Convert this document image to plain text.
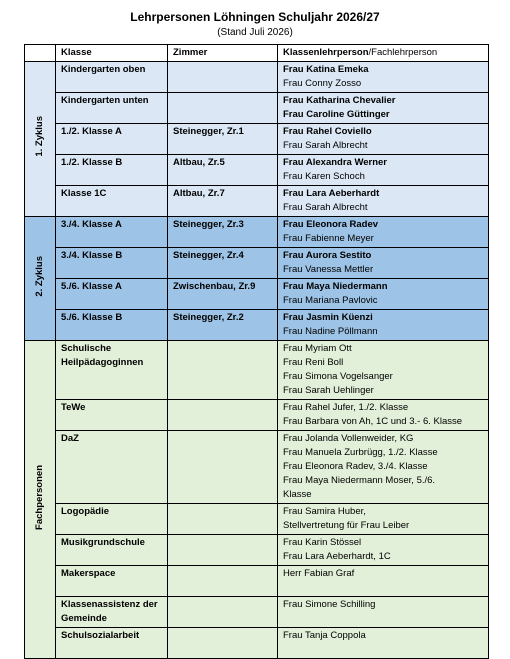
Lehrpersonen Löhningen Schuljahr 2026/27
(Stand Juli 2026)
	Klasse	Zimmer	Klassenlehrperson/Fachlehrperson
1. Zyklus	Kindergarten oben		Frau Katina Emeka
Frau Conny Zosso

	Kindergarten unten		Frau Katharina Chevalier
Frau Caroline Güttinger

	1./2. Klasse A	Steinegger, Zr.1	Frau Rahel Coviello
Frau Sarah Albrecht

	1./2. Klasse B	Altbau, Zr.5	Frau Alexandra Werner
Frau Karen Schoch

	Klasse 1C	Altbau, Zr.7	Frau Lara Aeberhardt
Frau Sarah Albrecht

2. Zyklus	3./4. Klasse A	Steinegger, Zr.3	Frau Eleonora Radev
Frau Fabienne Meyer

	3./4. Klasse B	Steinegger, Zr.4	Frau Aurora Sestito
Frau Vanessa Mettler

	5./6. Klasse A	Zwischenbau, Zr.9	Frau Maya Niedermann
Frau Mariana Pavlovic

	5./6. Klasse B	Steinegger, Zr.2	Frau Jasmin Küenzi
Frau Nadine Pöllmann

Fachpersonen	Schulische Heilpädagoginnen		Frau Myriam Ott
Frau Reni Boll
Frau Simona Vogelsanger
Frau Sarah Uehlinger

	TeWe		Frau Rahel Jufer, 1./2. Klasse
Frau Barbara von Ah, 1C und 3.- 6. Klasse

	DaZ		Frau Jolanda Vollenweider, KG
Frau Manuela Zurbrügg, 1./2. Klasse
Frau Eleonora Radev, 3./4. Klasse
Frau Maya Niedermann Moser, 5./6.
Klasse

	Logopädie		Frau Samira Huber,
Stellvertretung für Frau Leiber

	Musikgrundschule		Frau Karin Stössel
Frau Lara Aeberhardt, 1C

	Makerspace		Herr Fabian Graf

	Klassenassistenz der Gemeinde		Frau Simone Schilling

	Schulsozialarbeit		Frau Tanja Coppola
